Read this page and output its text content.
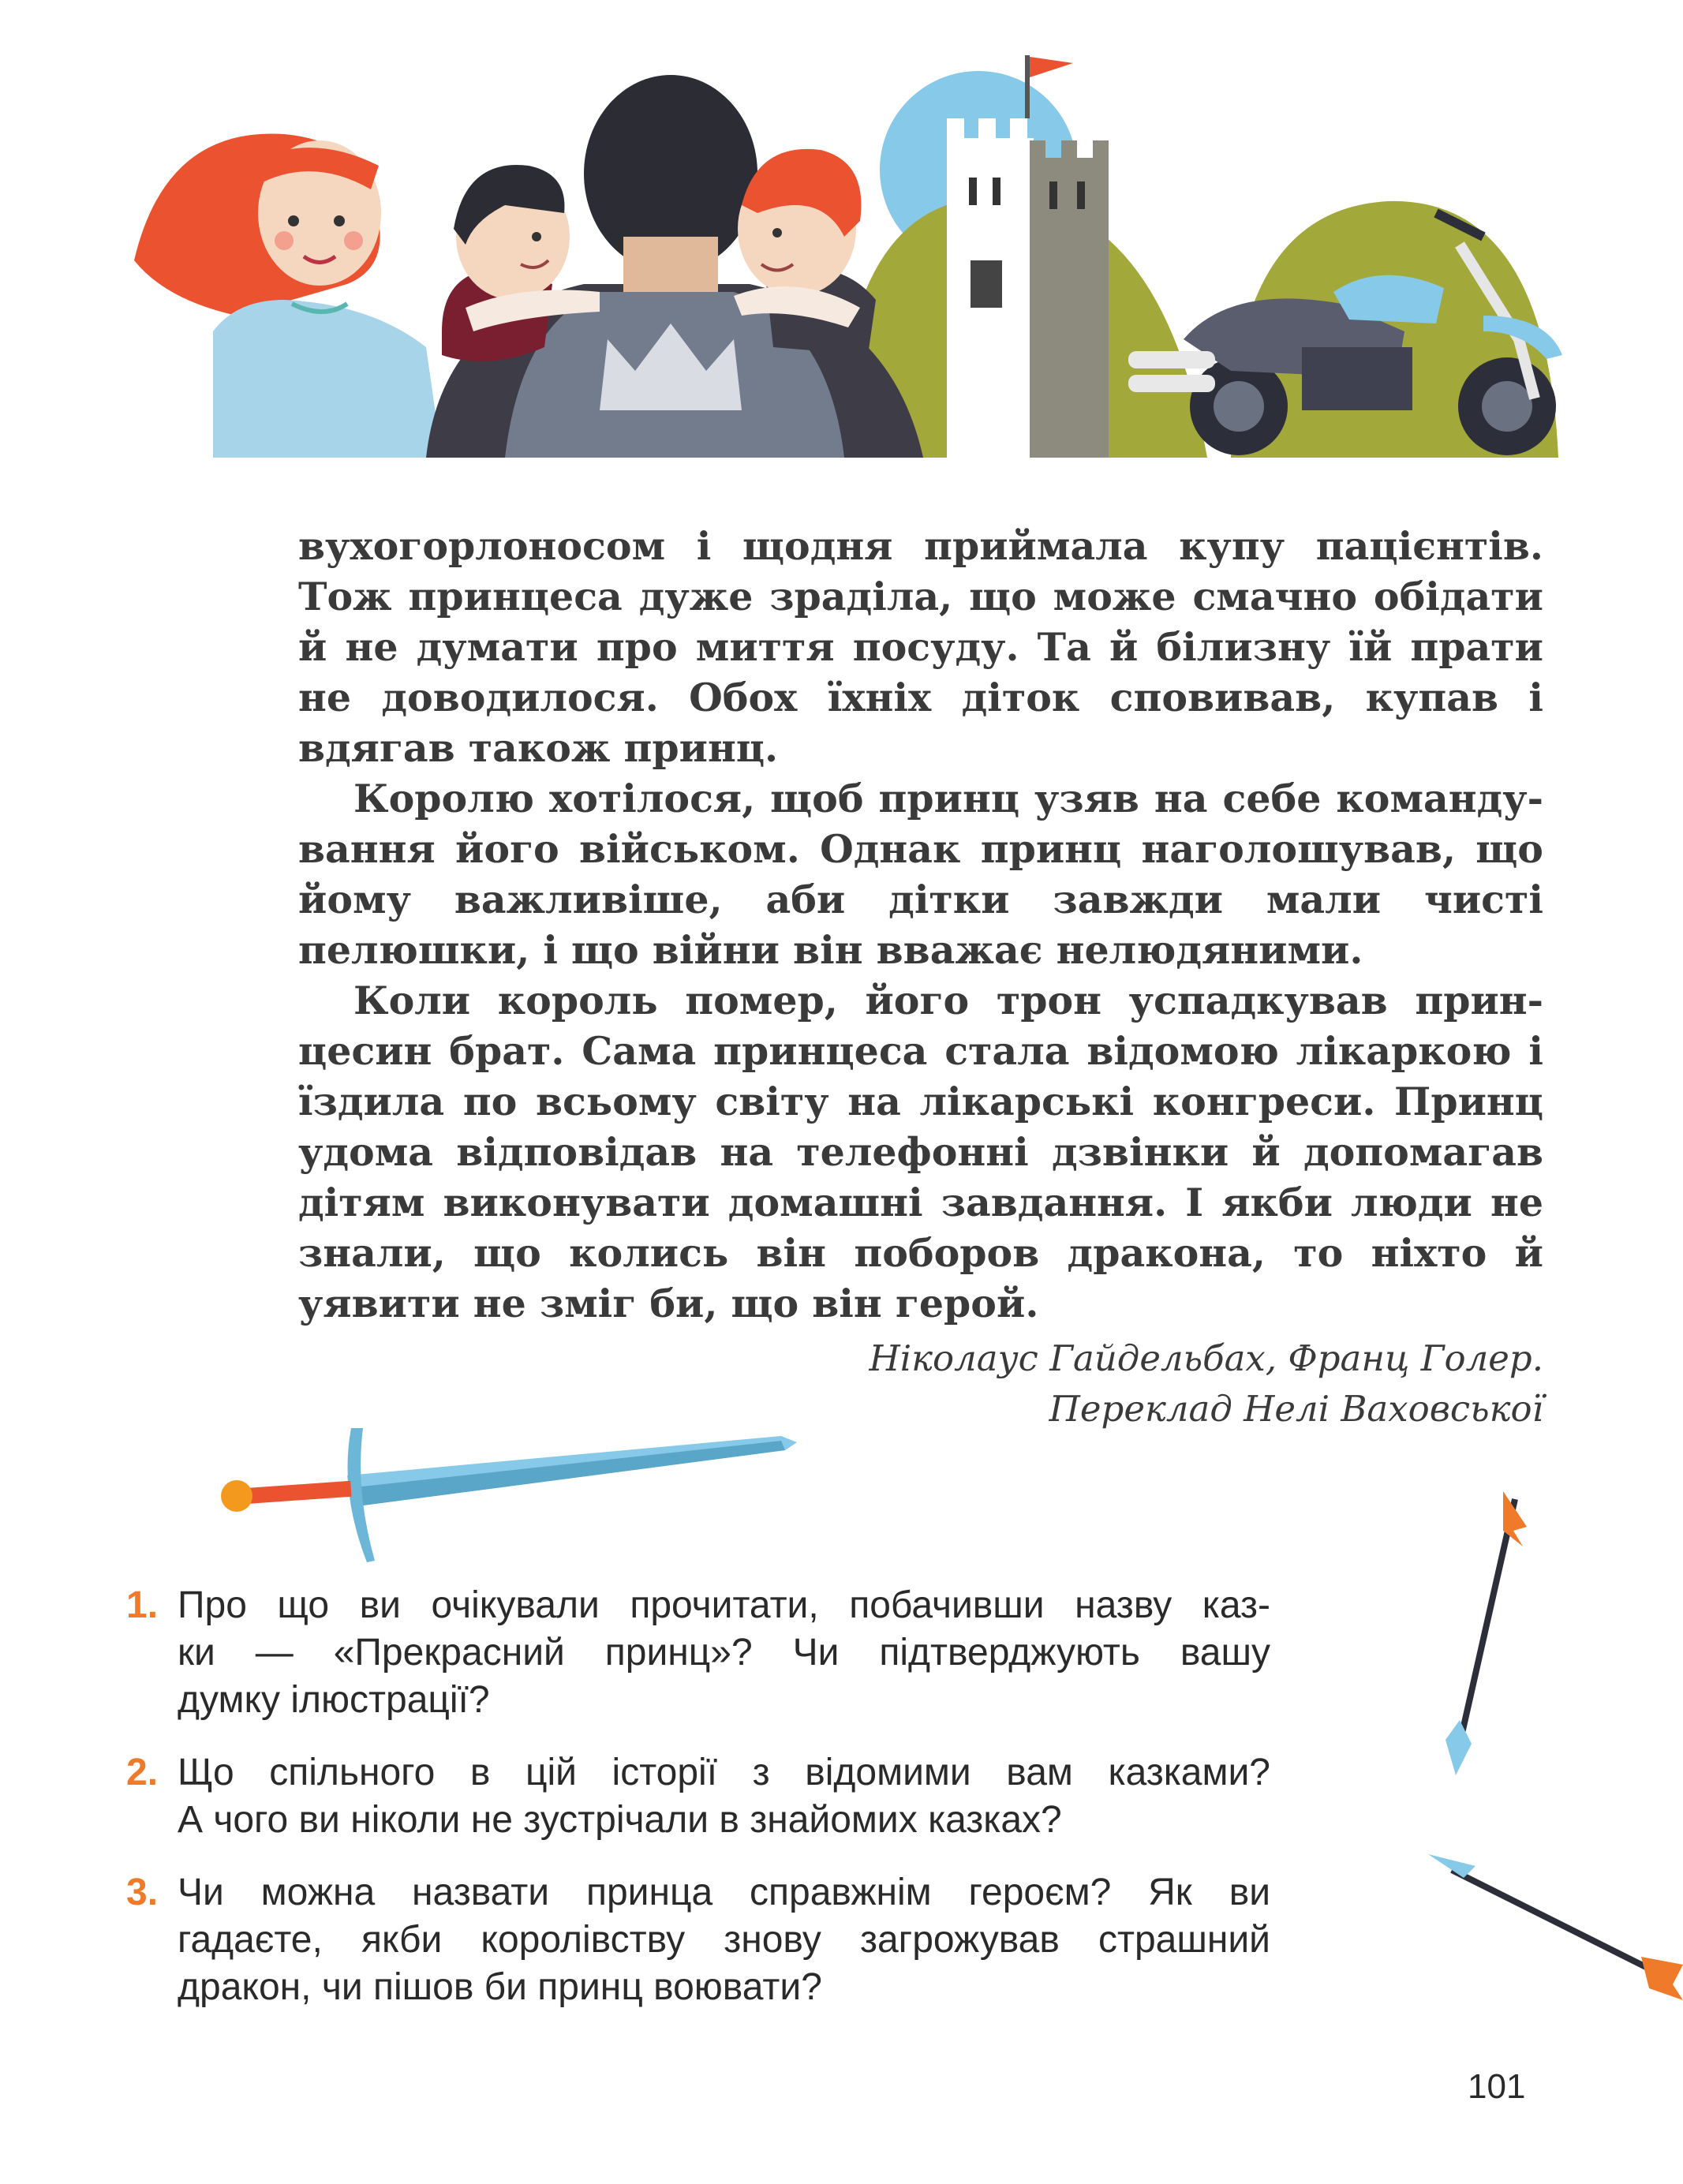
вухогорлоносом і щодня приймала купу пацієнтів.
Тож принцеса дуже зраділа, що може смачно обідати
й не думати про миття посуду. Та й білизну їй прати
не доводилося. Обох їхніх діток сповивав, купав і
вдягав також принц.
Королю хотілося, щоб принц узяв на себе команду-
вання його військом. Однак принц наголошував, що
йому важливіше, аби дітки завжди мали чисті
пелюшки, і що війни він вважає нелюдяними.
Коли король помер, його трон успадкував прин-
цесин брат. Сама принцеса стала відомою лікаркою і
їздила по всьому світу на лікарські конгреси. Принц
удома відповідав на телефонні дзвінки й допомагав
дітям виконувати домашні завдання. І якби люди не
знали, що колись він поборов дракона, то ніхто й
уявити не зміг би, що він герой.
Ніколаус Гайдельбах, Франц Голер.
Переклад Нелі Ваховської
1. Про що ви очікували прочитати, побачивши назву каз-
ки — «Прекрасний принц»? Чи підтверджують вашу
думку ілюстрації?
2. Що спільного в цій історії з відомими вам казками?
А чого ви ніколи не зустрічали в знайомих казках?
3. Чи можна назвати принца справжнім героєм? Як ви
гадаєте, якби королівству знову загрожував страшний
дракон, чи пішов би принц воювати?
101
